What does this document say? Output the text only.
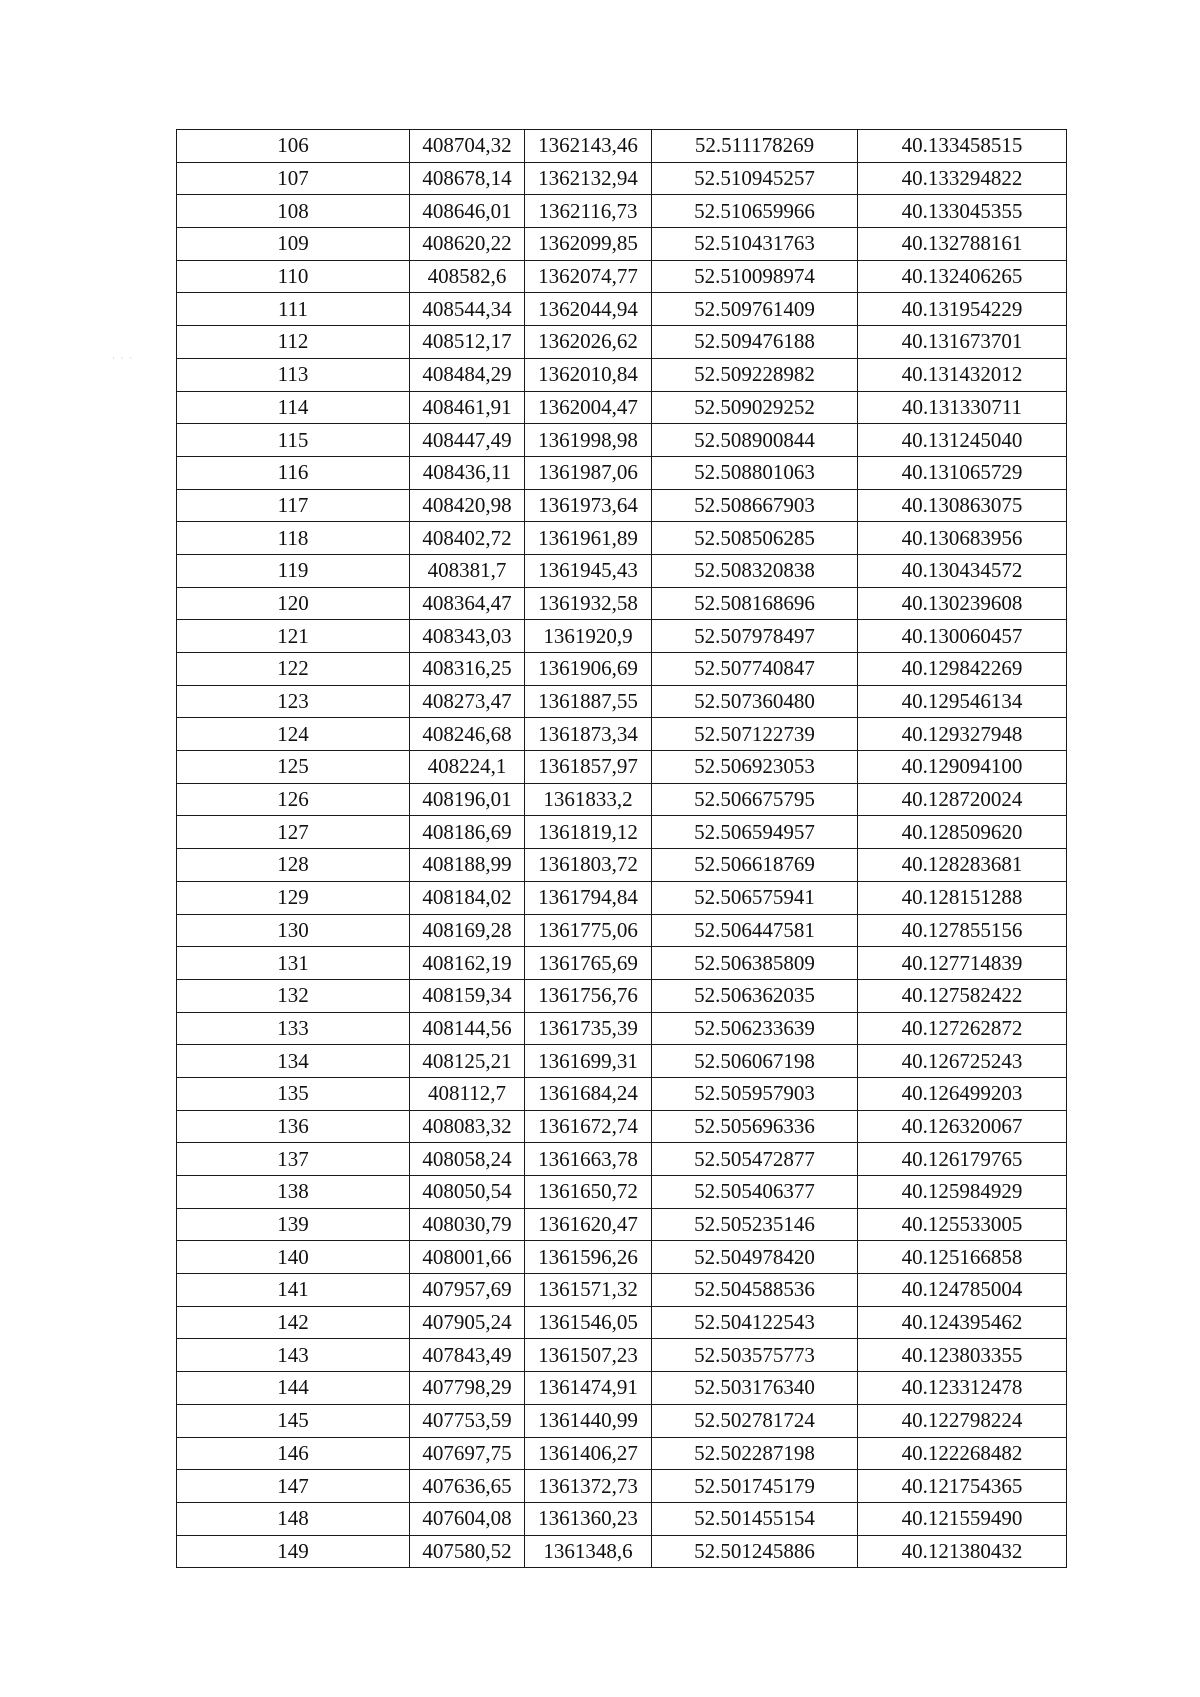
· · ·
106	408704,32	1362143,46	52.511178269	40.133458515
107	408678,14	1362132,94	52.510945257	40.133294822
108	408646,01	1362116,73	52.510659966	40.133045355
109	408620,22	1362099,85	52.510431763	40.132788161
110	408582,6	1362074,77	52.510098974	40.132406265
111	408544,34	1362044,94	52.509761409	40.131954229
112	408512,17	1362026,62	52.509476188	40.131673701
113	408484,29	1362010,84	52.509228982	40.131432012
114	408461,91	1362004,47	52.509029252	40.131330711
115	408447,49	1361998,98	52.508900844	40.131245040
116	408436,11	1361987,06	52.508801063	40.131065729
117	408420,98	1361973,64	52.508667903	40.130863075
118	408402,72	1361961,89	52.508506285	40.130683956
119	408381,7	1361945,43	52.508320838	40.130434572
120	408364,47	1361932,58	52.508168696	40.130239608
121	408343,03	1361920,9	52.507978497	40.130060457
122	408316,25	1361906,69	52.507740847	40.129842269
123	408273,47	1361887,55	52.507360480	40.129546134
124	408246,68	1361873,34	52.507122739	40.129327948
125	408224,1	1361857,97	52.506923053	40.129094100
126	408196,01	1361833,2	52.506675795	40.128720024
127	408186,69	1361819,12	52.506594957	40.128509620
128	408188,99	1361803,72	52.506618769	40.128283681
129	408184,02	1361794,84	52.506575941	40.128151288
130	408169,28	1361775,06	52.506447581	40.127855156
131	408162,19	1361765,69	52.506385809	40.127714839
132	408159,34	1361756,76	52.506362035	40.127582422
133	408144,56	1361735,39	52.506233639	40.127262872
134	408125,21	1361699,31	52.506067198	40.126725243
135	408112,7	1361684,24	52.505957903	40.126499203
136	408083,32	1361672,74	52.505696336	40.126320067
137	408058,24	1361663,78	52.505472877	40.126179765
138	408050,54	1361650,72	52.505406377	40.125984929
139	408030,79	1361620,47	52.505235146	40.125533005
140	408001,66	1361596,26	52.504978420	40.125166858
141	407957,69	1361571,32	52.504588536	40.124785004
142	407905,24	1361546,05	52.504122543	40.124395462
143	407843,49	1361507,23	52.503575773	40.123803355
144	407798,29	1361474,91	52.503176340	40.123312478
145	407753,59	1361440,99	52.502781724	40.122798224
146	407697,75	1361406,27	52.502287198	40.122268482
147	407636,65	1361372,73	52.501745179	40.121754365
148	407604,08	1361360,23	52.501455154	40.121559490
149	407580,52	1361348,6	52.501245886	40.121380432
